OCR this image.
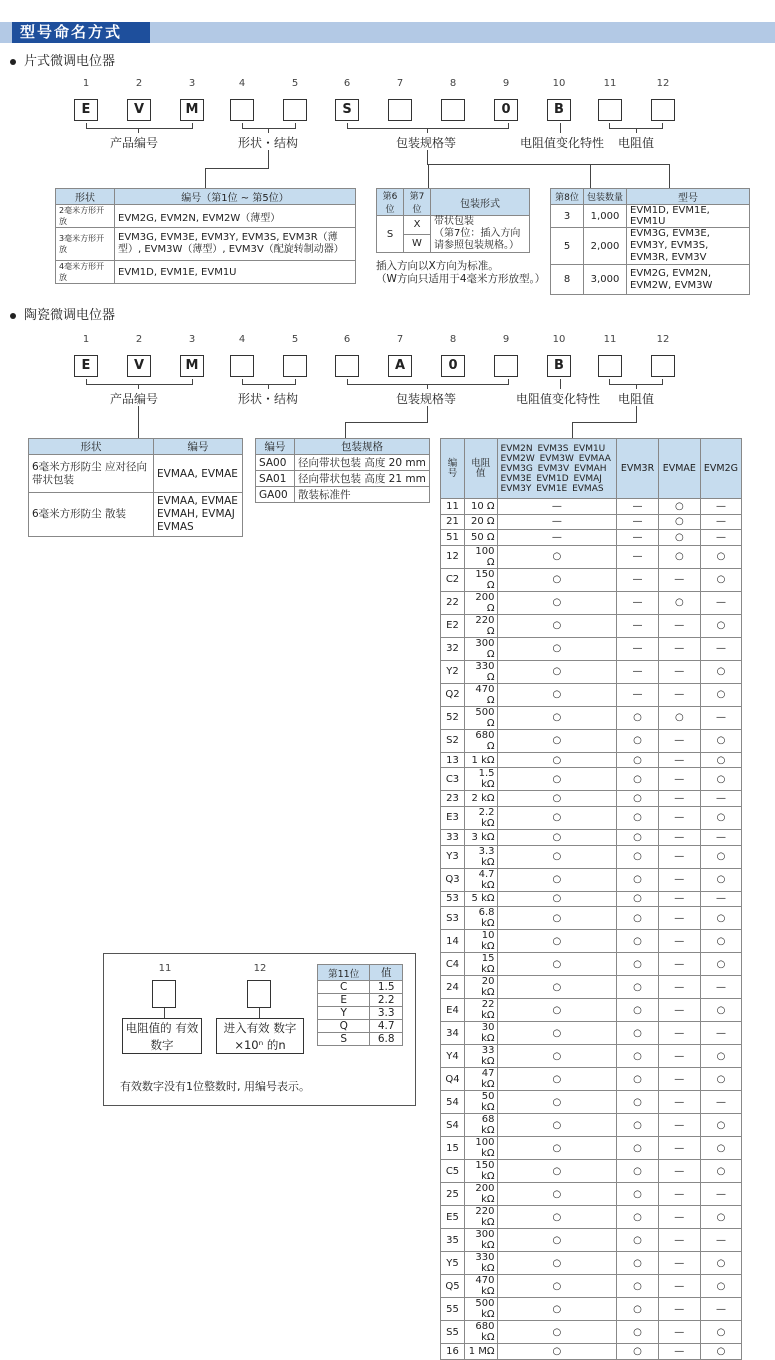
型号命名方式
片式微调电位器
1
E
2
V
3
M
4	5	6
S
7	8	9
0
10
B
11	12
产品编号	形状・结构	包装规格等	电阻值变化特性 电阻值
形状	编号（第1位 ~ 第5位）
2毫米方形开放	EVM2G, EVM2N, EVM2W（薄型）
3毫米方形开放	EVM3G, EVM3E, EVM3Y, EVM3S, EVM3R（薄型）, EVM3W（薄型）, EVM3V（配旋转制动器）
4毫米方形开放	EVM1D, EVM1E, EVM1U
第6位	第7位	包装形式
S	X	带状包装
（第7位：插入方向请参照包装规格。）
	W	
插入方向以X方向为标准。
（W方向只适用于4毫米方形放型。）
第8位	包装数量	型号
3	1,000	EVM1D, EVM1E, EVM1U
5	2,000	EVM3G, EVM3E, EVM3Y, EVM3S, EVM3R, EVM3V
8	3,000	EVM2G, EVM2N, EVM2W, EVM3W
陶瓷微调电位器
1
E
2
V
3
M
4	5	6	7
A
8
0
9	10
B
11	12
产品编号	形状・结构	包装规格等	电阻值变化特性 电阻值
形状	编号
6毫米方形防尘 应对径向带状包装	EVMAA, EVMAE
6毫米方形防尘 散装	EVMAA, EVMAE EVMAH, EVMAJ EVMAS
编号	包装规格
SA00	径向带状包装 高度 20 mm
SA01	径向带状包装 高度 21 mm
GA00	散装标准件
编号	电阻值	EVM2N EVM3S EVM1U EVM2W EVM3W EVMAA EVM3G EVM3V EVMAH EVM3E EVM1D EVMAJ EVM3Y EVM1E EVMAS	EVM3R	EVMAE	EVM2G
11	10 Ω	—	—	○	—
21	20 Ω	—	—	○	—
51	50 Ω	—	—	○	—
12	100 Ω	○	—	○	○
C2	150 Ω	○	—	—	○
22	200 Ω	○	—	○	—
E2	220 Ω	○	—	—	○
32	300 Ω	○	—	—	—
Y2	330 Ω	○	—	—	○
Q2	470 Ω	○	—	—	○
52	500 Ω	○	○	○	—
S2	680 Ω	○	○	—	○
13	1 kΩ	○	○	—	○
C3	1.5 kΩ	○	○	—	○
23	2 kΩ	○	○	—	—
E3	2.2 kΩ	○	○	—	○
33	3 kΩ	○	○	—	—
Y3	3.3 kΩ	○	○	—	○
Q3	4.7 kΩ	○	○	—	○
53	5 kΩ	○	○	—	—
S3	6.8 kΩ	○	○	—	○
14	10 kΩ	○	○	—	○
C4	15 kΩ	○	○	—	○
24	20 kΩ	○	○	—	—
E4	22 kΩ	○	○	—	○
34	30 kΩ	○	○	—	—
Y4	33 kΩ	○	○	—	○
Q4	47 kΩ	○	○	—	○
54	50 kΩ	○	○	—	—
S4	68 kΩ	○	○	—	○
15	100 kΩ	○	○	—	○
C5	150 kΩ	○	○	—	○
25	200 kΩ	○	○	—	—
E5	220 kΩ	○	○	—	○
35	300 kΩ	○	○	—	—
Y5	330 kΩ	○	○	—	○
Q5	470 kΩ	○	○	—	○
55	500 kΩ	○	○	—	—
S5	680 kΩ	○	○	—	○
16	1 MΩ	○	○	—	○
11	12
电阻值的 有效数字
进入有效 数字×10ⁿ 的n
有效数字没有1位整数时, 用编号表示。
第11位	值
C	1.5
E	2.2
Y	3.3
Q	4.7
S	6.8
